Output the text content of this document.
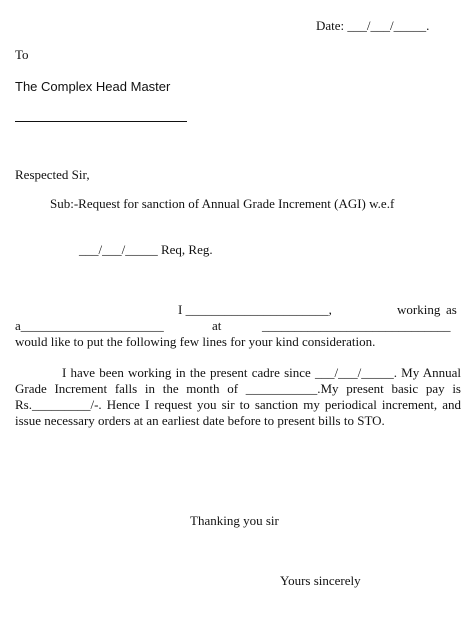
Date: ___/___/_____.
To
The Complex Head Master
Respected Sir,
Sub:-Request for sanction of Annual Grade Increment (AGI) w.e.f
___/___/_____ Req, Reg.
I ______________________,	working as
a______________________	at	_____________________________
would like to put the following few lines for your kind consideration.
I have been working in the present cadre since ___/___/_____. My Annual Grade Increment falls in the month of ___________.My present basic pay is Rs._________/-. Hence I request you sir to sanction my periodical increment, and issue necessary orders at an earliest date before to present bills to STO.
Thanking you sir
Yours sincerely
